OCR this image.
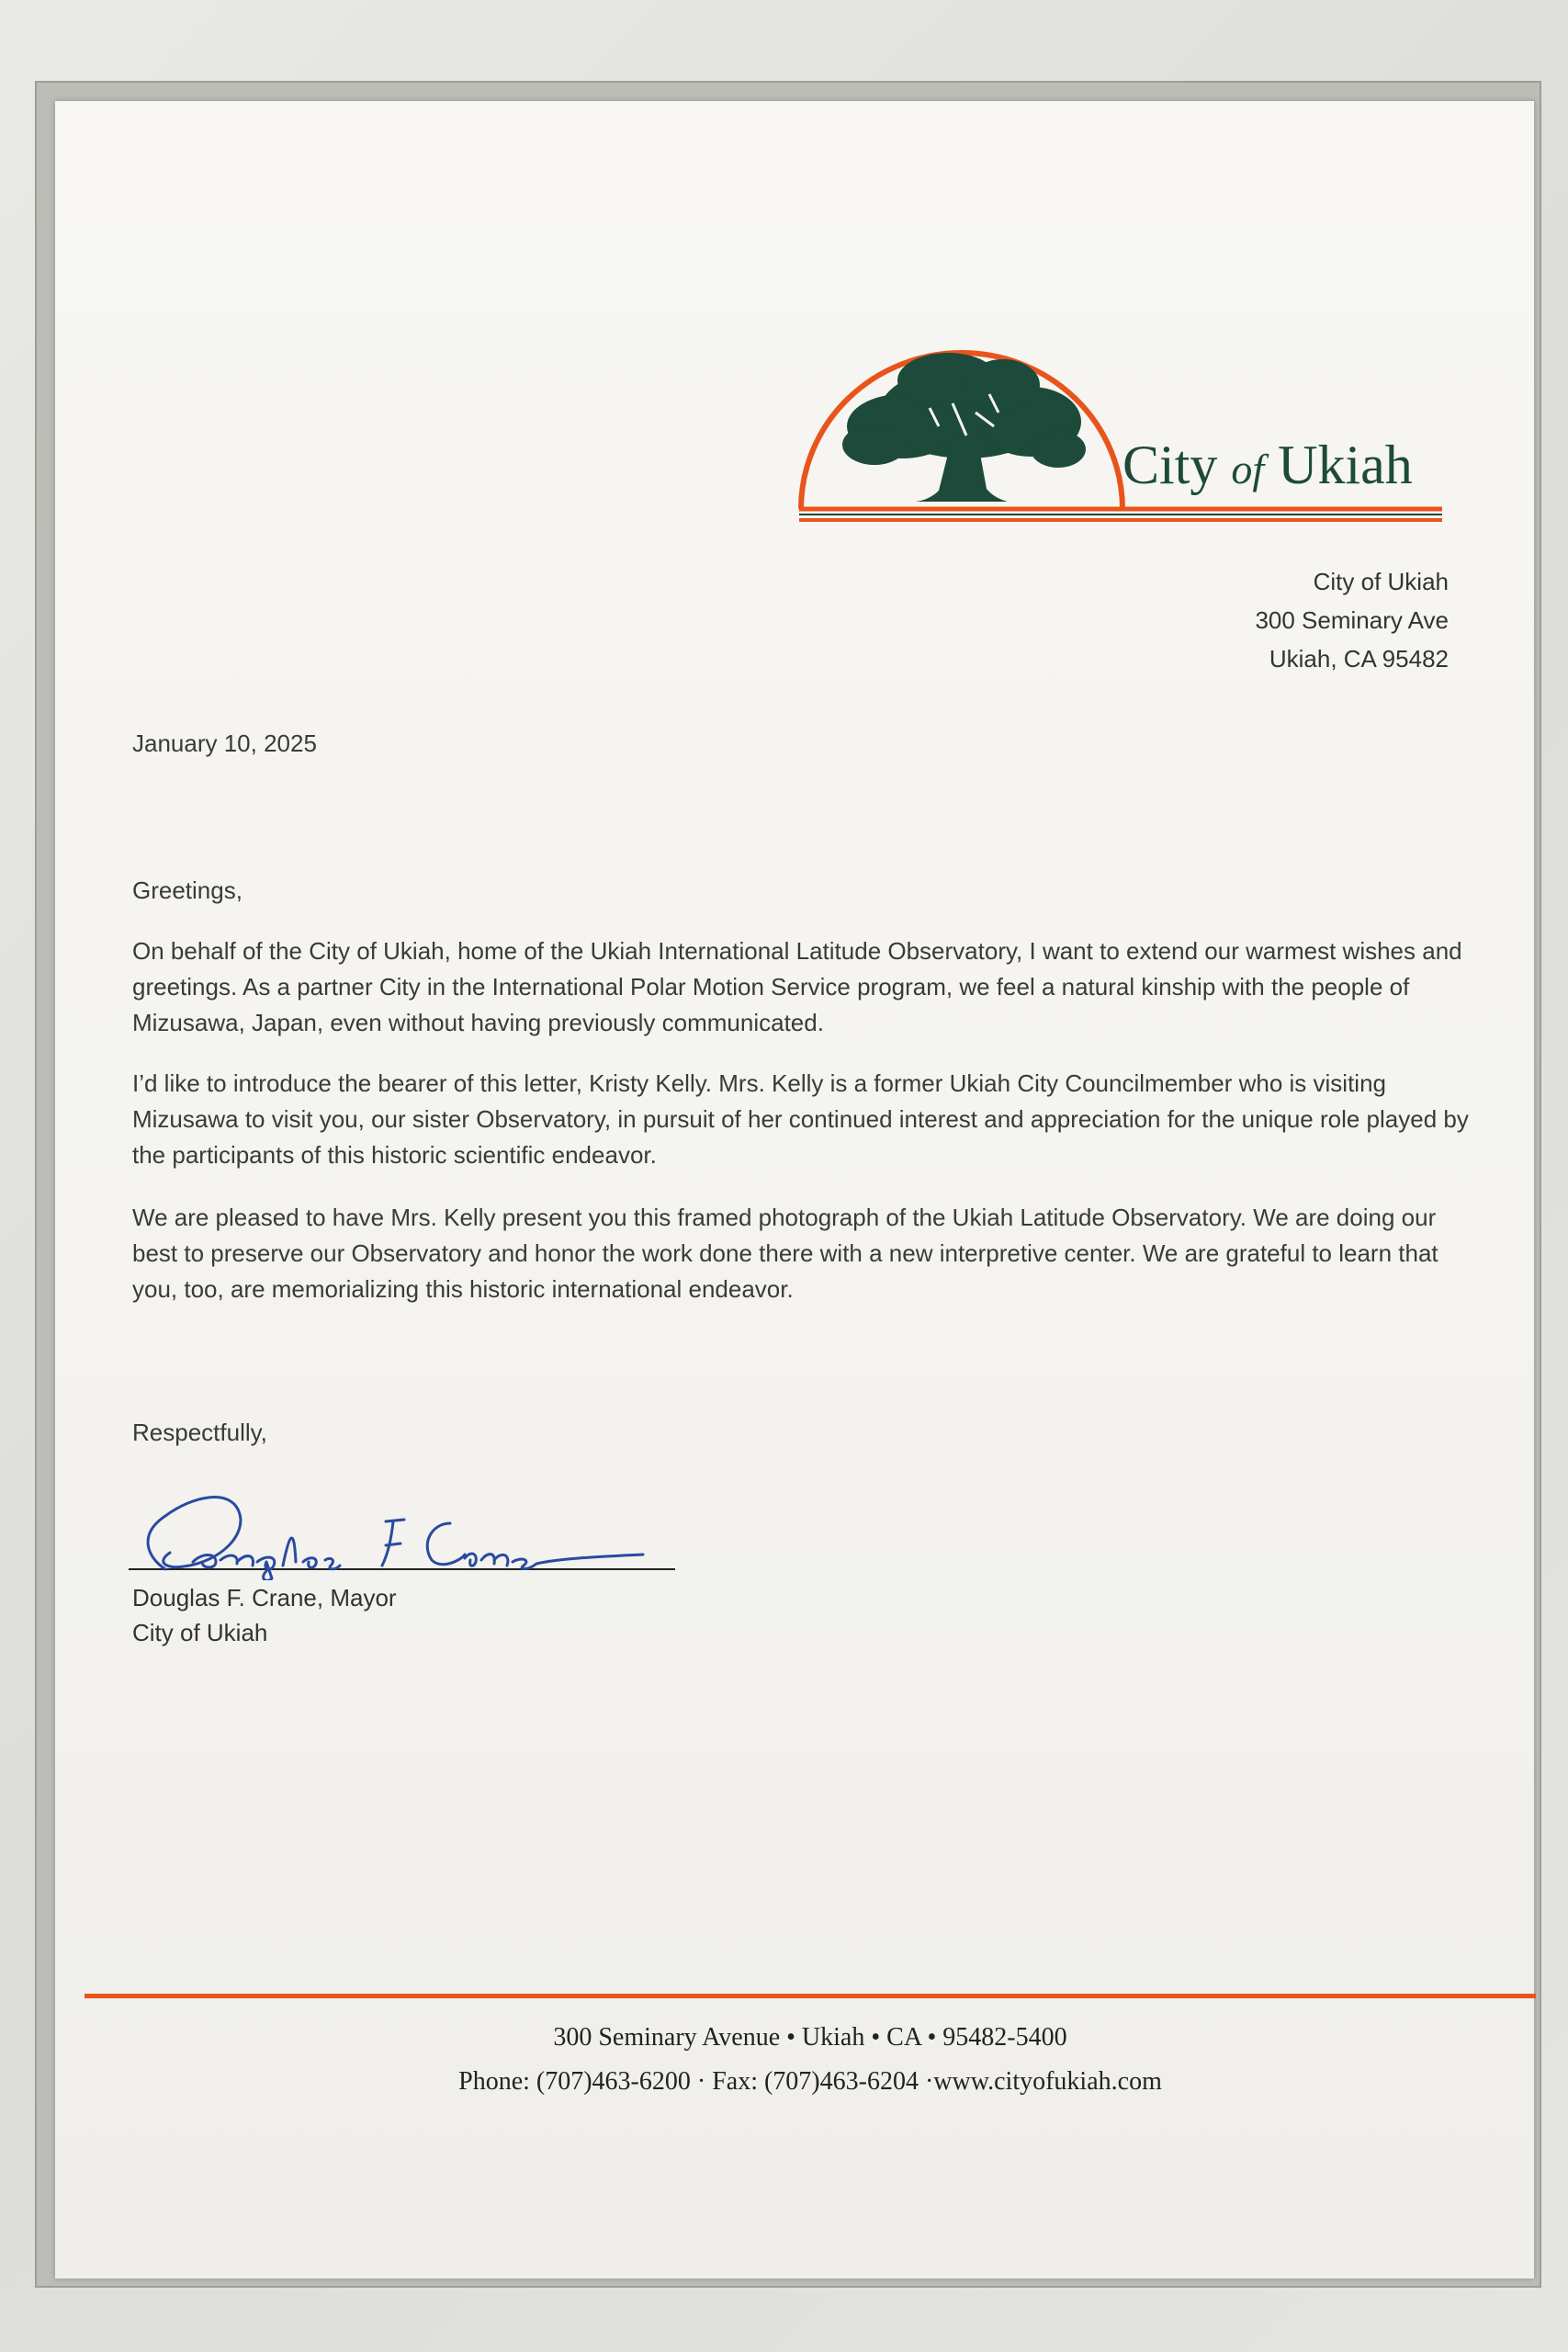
City of Ukiah
City of Ukiah
300 Seminary Ave
Ukiah, CA 95482

January 10, 2025

Greetings,

On behalf of the City of Ukiah, home of the Ukiah International Latitude Observatory, I want to extend our warmest wishes and greetings. As a partner City in the International Polar Motion Service program, we feel a natural kinship with the people of Mizusawa, Japan, even without having previously communicated.

I’d like to introduce the bearer of this letter, Kristy Kelly. Mrs. Kelly is a former Ukiah City Councilmember who is visiting Mizusawa to visit you, our sister Observatory, in pursuit of her continued interest and appreciation for the unique role played by the participants of this historic scientific endeavor.

We are pleased to have Mrs. Kelly present you this framed photograph of the Ukiah Latitude Observatory. We are doing our best to preserve our Observatory and honor the work done there with a new interpretive center. We are grateful to learn that you, too, are memorializing this historic international endeavor.

Respectfully,

Douglas F. Crane, Mayor
City of Ukiah
300 Seminary Avenue • Ukiah • CA • 95482-5400
Phone: (707)463-6200 · Fax: (707)463-6204 ·www.cityofukiah.com
